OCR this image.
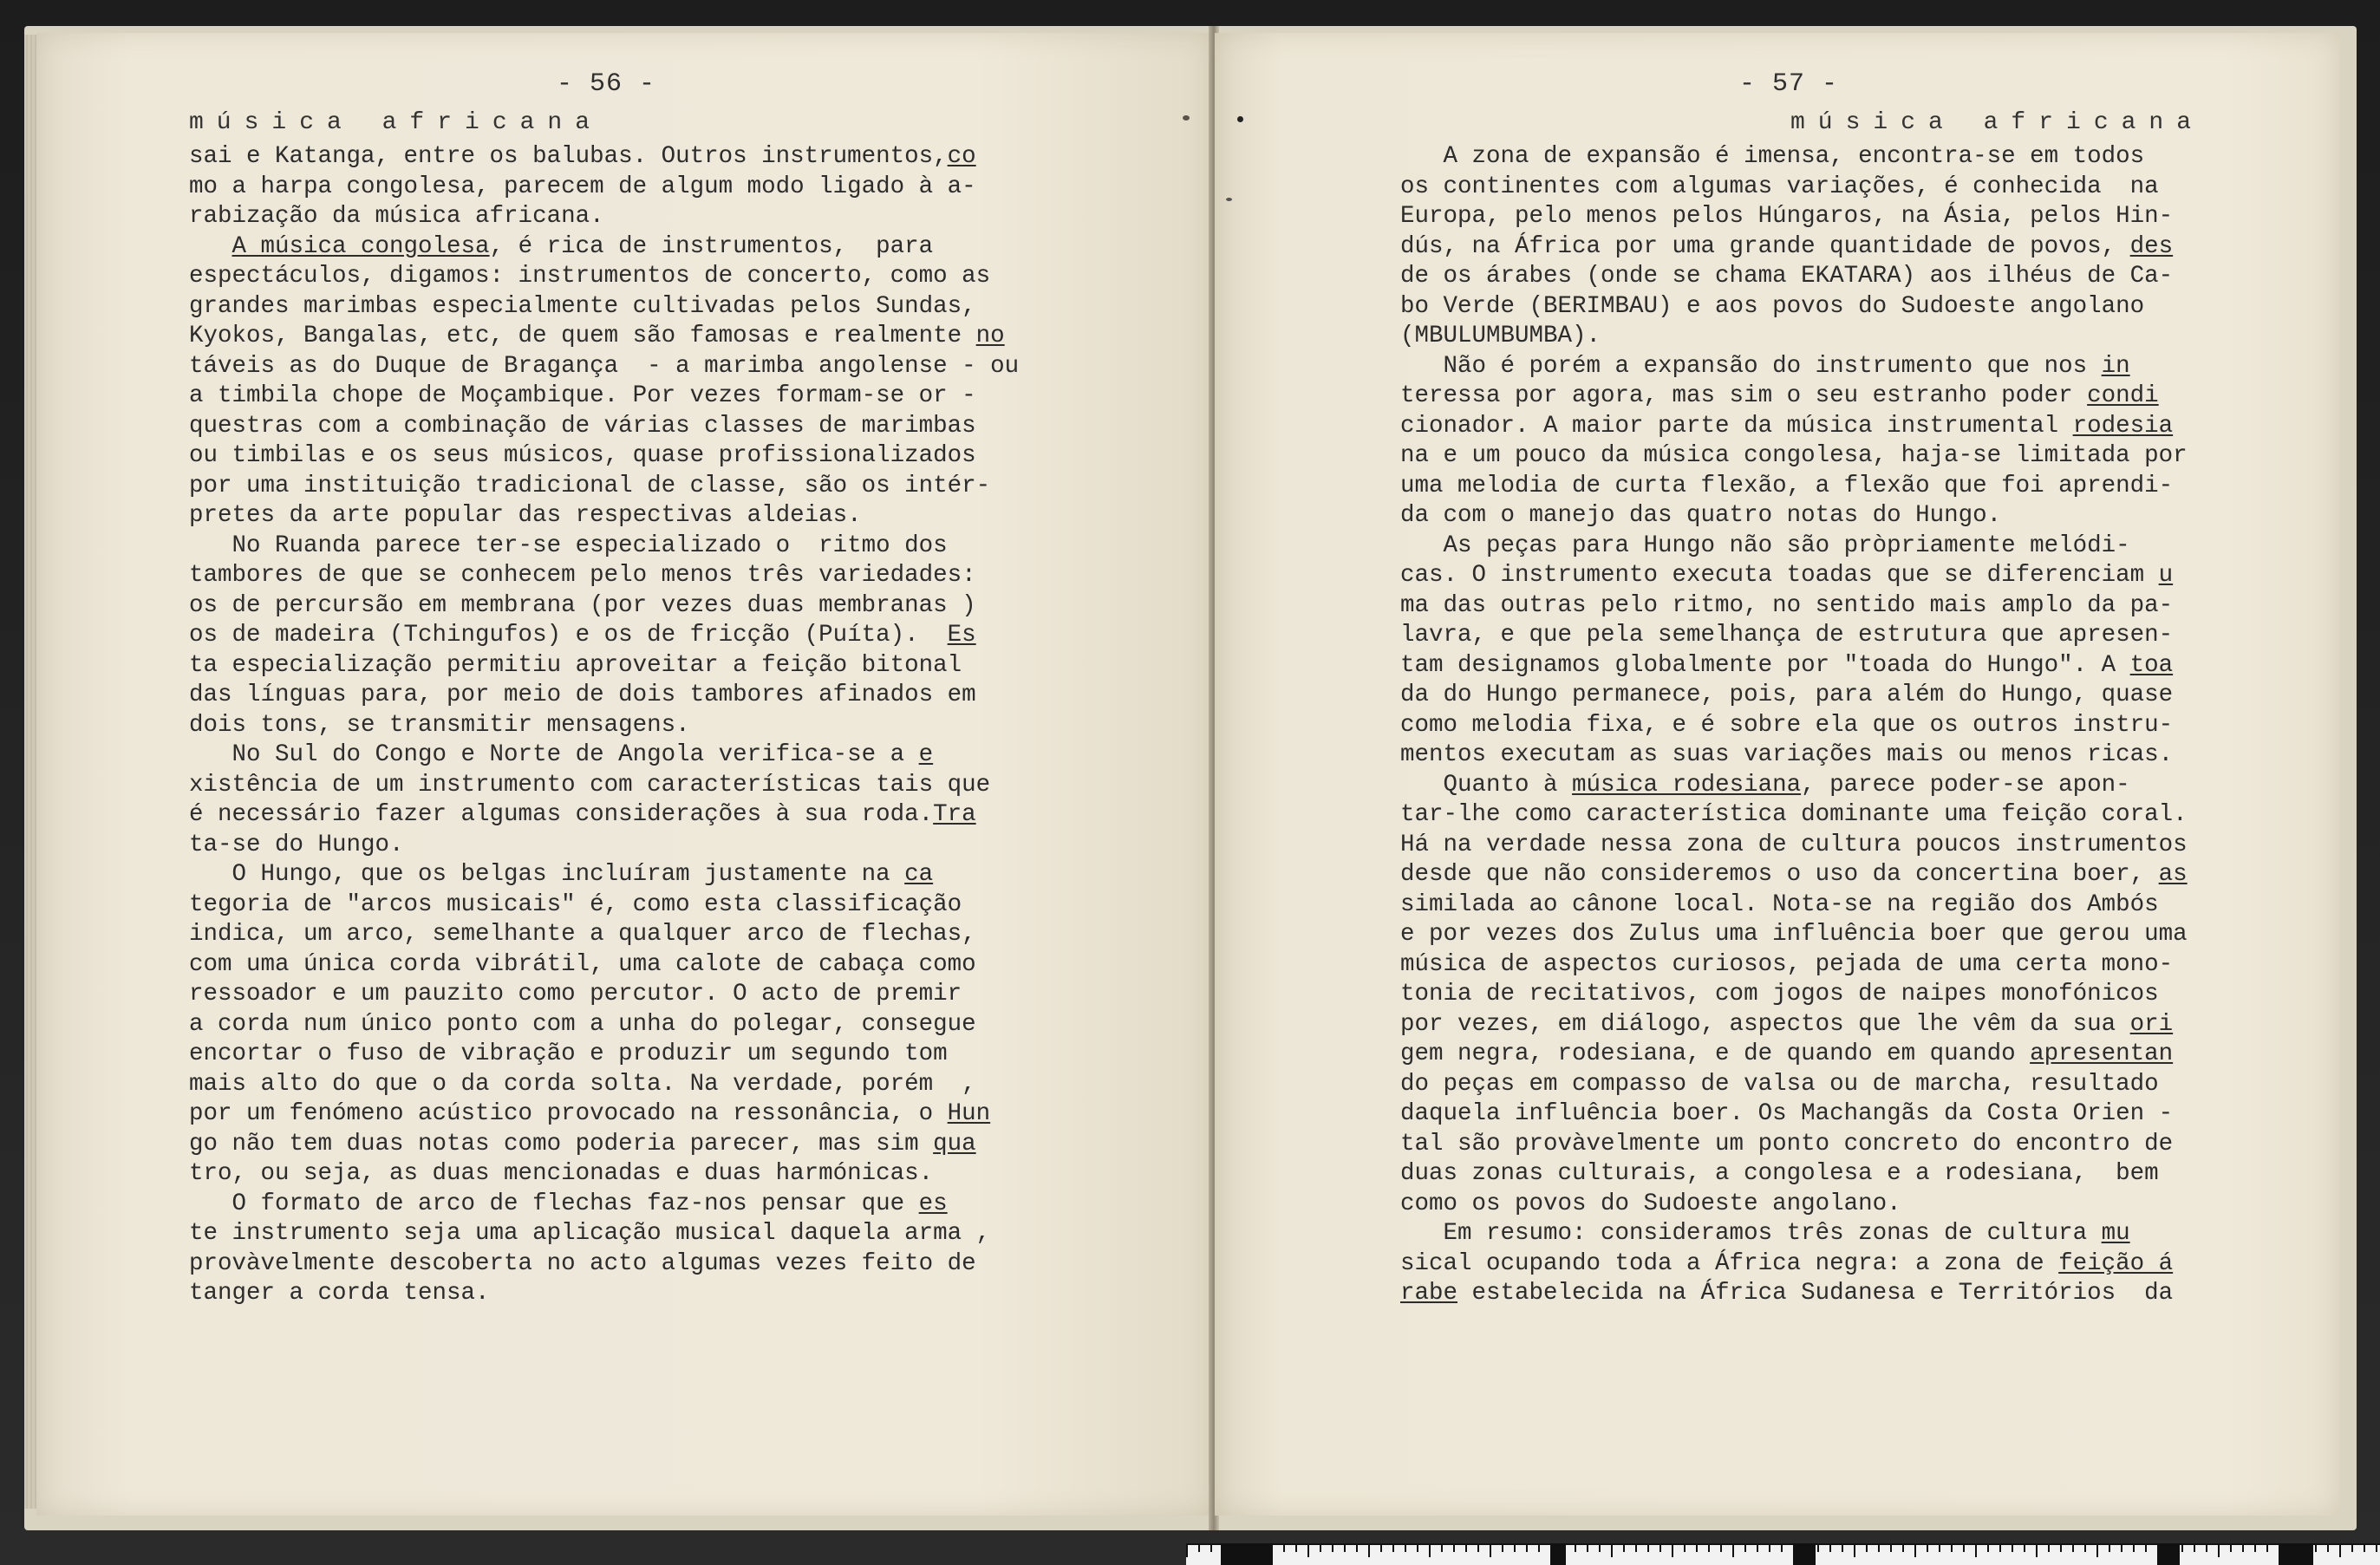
- 56 -
música africana
sai e Katanga, entre os balubas. Outros instrumentos,co
mo a harpa congolesa, parecem de algum modo ligado à a-
rabização da música africana.
A música congolesa, é rica de instrumentos,  para
espectáculos, digamos: instrumentos de concerto, como as
grandes marimbas especialmente cultivadas pelos Sundas,
Kyokos, Bangalas, etc, de quem são famosas e realmente no
táveis as do Duque de Bragança  - a marimba angolense - ou
a timbila chope de Moçambique. Por vezes formam-se or -
questras com a combinação de várias classes de marimbas
ou timbilas e os seus músicos, quase profissionalizados
por uma instituição tradicional de classe, são os intér-
pretes da arte popular das respectivas aldeias.
No Ruanda parece ter-se especializado o  ritmo dos
tambores de que se conhecem pelo menos três variedades:
os de percursão em membrana (por vezes duas membranas )
os de madeira (Tchingufos) e os de fricção (Puíta).  Es
ta especialização permitiu aproveitar a feição bitonal
das línguas para, por meio de dois tambores afinados em
dois tons, se transmitir mensagens.
No Sul do Congo e Norte de Angola verifica-se a e
xistência de um instrumento com características tais que
é necessário fazer algumas considerações à sua roda.Tra
ta-se do Hungo.
O Hungo, que os belgas incluíram justamente na ca
tegoria de "arcos musicais" é, como esta classificação
indica, um arco, semelhante a qualquer arco de flechas,
com uma única corda vibrátil, uma calote de cabaça como
ressoador e um pauzito como percutor. O acto de premir
a corda num único ponto com a unha do polegar, consegue
encortar o fuso de vibração e produzir um segundo tom
mais alto do que o da corda solta. Na verdade, porém  ,
por um fenómeno acústico provocado na ressonância, o Hun
go não tem duas notas como poderia parecer, mas sim qua
tro, ou seja, as duas mencionadas e duas harmónicas.
O formato de arco de flechas faz-nos pensar que es
te instrumento seja uma aplicação musical daquela arma ,
provàvelmente descoberta no acto algumas vezes feito de
tanger a corda tensa.
- 57 -
música africana
A zona de expansão é imensa, encontra-se em todos
os continentes com algumas variações, é conhecida  na
Europa, pelo menos pelos Húngaros, na Ásia, pelos Hin-
dús, na África por uma grande quantidade de povos, des
de os árabes (onde se chama EKATARA) aos ilhéus de Ca-
bo Verde (BERIMBAU) e aos povos do Sudoeste angolano
(MBULUMBUMBA).
Não é porém a expansão do instrumento que nos in
teressa por agora, mas sim o seu estranho poder condi
cionador. A maior parte da música instrumental rodesia
na e um pouco da música congolesa, haja-se limitada por
uma melodia de curta flexão, a flexão que foi aprendi-
da com o manejo das quatro notas do Hungo.
As peças para Hungo não são pròpriamente melódi-
cas. O instrumento executa toadas que se diferenciam u
ma das outras pelo ritmo, no sentido mais amplo da pa-
lavra, e que pela semelhança de estrutura que apresen-
tam designamos globalmente por "toada do Hungo". A toa
da do Hungo permanece, pois, para além do Hungo, quase
como melodia fixa, e é sobre ela que os outros instru-
mentos executam as suas variações mais ou menos ricas.
Quanto à música rodesiana, parece poder-se apon-
tar-lhe como característica dominante uma feição coral.
Há na verdade nessa zona de cultura poucos instrumentos
desde que não consideremos o uso da concertina boer, as
similada ao cânone local. Nota-se na região dos Ambós
e por vezes dos Zulus uma influência boer que gerou uma
música de aspectos curiosos, pejada de uma certa mono-
tonia de recitativos, com jogos de naipes monofónicos
por vezes, em diálogo, aspectos que lhe vêm da sua ori
gem negra, rodesiana, e de quando em quando apresentan
do peças em compasso de valsa ou de marcha, resultado
daquela influência boer. Os Machangãs da Costa Orien -
tal são provàvelmente um ponto concreto do encontro de
duas zonas culturais, a congolesa e a rodesiana,  bem
como os povos do Sudoeste angolano.
Em resumo: consideramos três zonas de cultura mu
sical ocupando toda a África negra: a zona de feição á
rabe estabelecida na África Sudanesa e Territórios  da
